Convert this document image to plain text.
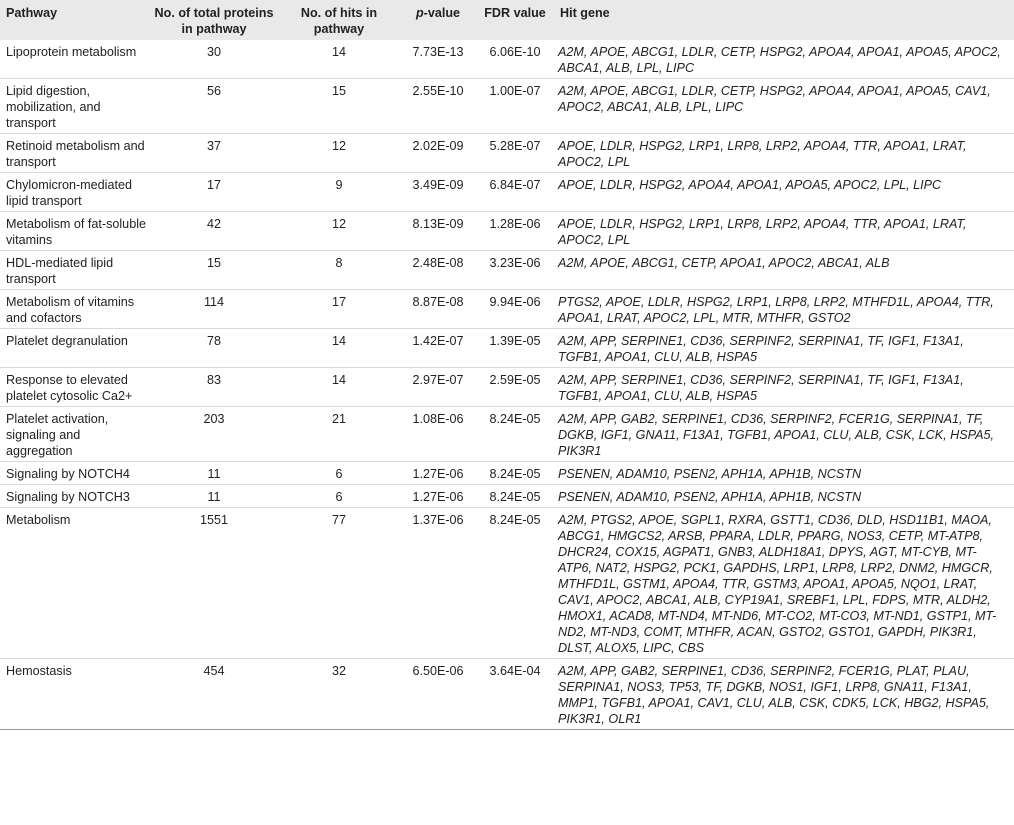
Pathway	No. of total proteins in pathway	No. of hits in pathway	p-value	FDR value	Hit gene
Lipoprotein metabolism	30	14	7.73E-13	6.06E-10	A2M, APOE, ABCG1, LDLR, CETP, HSPG2, APOA4, APOA1, APOA5, APOC2, ABCA1, ALB, LPL, LIPC
Lipid digestion, mobilization, and transport	56	15	2.55E-10	1.00E-07	A2M, APOE, ABCG1, LDLR, CETP, HSPG2, APOA4, APOA1, APOA5, CAV1, APOC2, ABCA1, ALB, LPL, LIPC
Retinoid metabolism and transport	37	12	2.02E-09	5.28E-07	APOE, LDLR, HSPG2, LRP1, LRP8, LRP2, APOA4, TTR, APOA1, LRAT, APOC2, LPL
Chylomicron-mediated lipid transport	17	9	3.49E-09	6.84E-07	APOE, LDLR, HSPG2, APOA4, APOA1, APOA5, APOC2, LPL, LIPC
Metabolism of fat-soluble vitamins	42	12	8.13E-09	1.28E-06	APOE, LDLR, HSPG2, LRP1, LRP8, LRP2, APOA4, TTR, APOA1, LRAT, APOC2, LPL
HDL-mediated lipid transport	15	8	2.48E-08	3.23E-06	A2M, APOE, ABCG1, CETP, APOA1, APOC2, ABCA1, ALB
Metabolism of vitamins and cofactors	114	17	8.87E-08	9.94E-06	PTGS2, APOE, LDLR, HSPG2, LRP1, LRP8, LRP2, MTHFD1L, APOA4, TTR, APOA1, LRAT, APOC2, LPL, MTR, MTHFR, GSTO2
Platelet degranulation	78	14	1.42E-07	1.39E-05	A2M, APP, SERPINE1, CD36, SERPINF2, SERPINA1, TF, IGF1, F13A1, TGFB1, APOA1, CLU, ALB, HSPA5
Response to elevated platelet cytosolic Ca2+	83	14	2.97E-07	2.59E-05	A2M, APP, SERPINE1, CD36, SERPINF2, SERPINA1, TF, IGF1, F13A1, TGFB1, APOA1, CLU, ALB, HSPA5
Platelet activation, signaling and aggregation	203	21	1.08E-06	8.24E-05	A2M, APP, GAB2, SERPINE1, CD36, SERPINF2, FCER1G, SERPINA1, TF, DGKB, IGF1, GNA11, F13A1, TGFB1, APOA1, CLU, ALB, CSK, LCK, HSPA5, PIK3R1
Signaling by NOTCH4	11	6	1.27E-06	8.24E-05	PSENEN, ADAM10, PSEN2, APH1A, APH1B, NCSTN
Signaling by NOTCH3	11	6	1.27E-06	8.24E-05	PSENEN, ADAM10, PSEN2, APH1A, APH1B, NCSTN
Metabolism	1551	77	1.37E-06	8.24E-05	A2M, PTGS2, APOE, SGPL1, RXRA, GSTT1, CD36, DLD, HSD11B1, MAOA, ABCG1, HMGCS2, ARSB, PPARA, LDLR, PPARG, NOS3, CETP, MT-ATP8, DHCR24, COX15, AGPAT1, GNB3, ALDH18A1, DPYS, AGT, MT-CYB, MT-ATP6, NAT2, HSPG2, PCK1, GAPDHS, LRP1, LRP8, LRP2, DNM2, HMGCR, MTHFD1L, GSTM1, APOA4, TTR, GSTM3, APOA1, APOA5, NQO1, LRAT, CAV1, APOC2, ABCA1, ALB, CYP19A1, SREBF1, LPL, FDPS, MTR, ALDH2, HMOX1, ACAD8, MT-ND4, MT-ND6, MT-CO2, MT-CO3, MT-ND1, GSTP1, MT-ND2, MT-ND3, COMT, MTHFR, ACAN, GSTO2, GSTO1, GAPDH, PIK3R1, DLST, ALOX5, LIPC, CBS
Hemostasis	454	32	6.50E-06	3.64E-04	A2M, APP, GAB2, SERPINE1, CD36, SERPINF2, FCER1G, PLAT, PLAU, SERPINA1, NOS3, TP53, TF, DGKB, NOS1, IGF1, LRP8, GNA11, F13A1, MMP1, TGFB1, APOA1, CAV1, CLU, ALB, CSK, CDK5, LCK, HBG2, HSPA5, PIK3R1, OLR1
